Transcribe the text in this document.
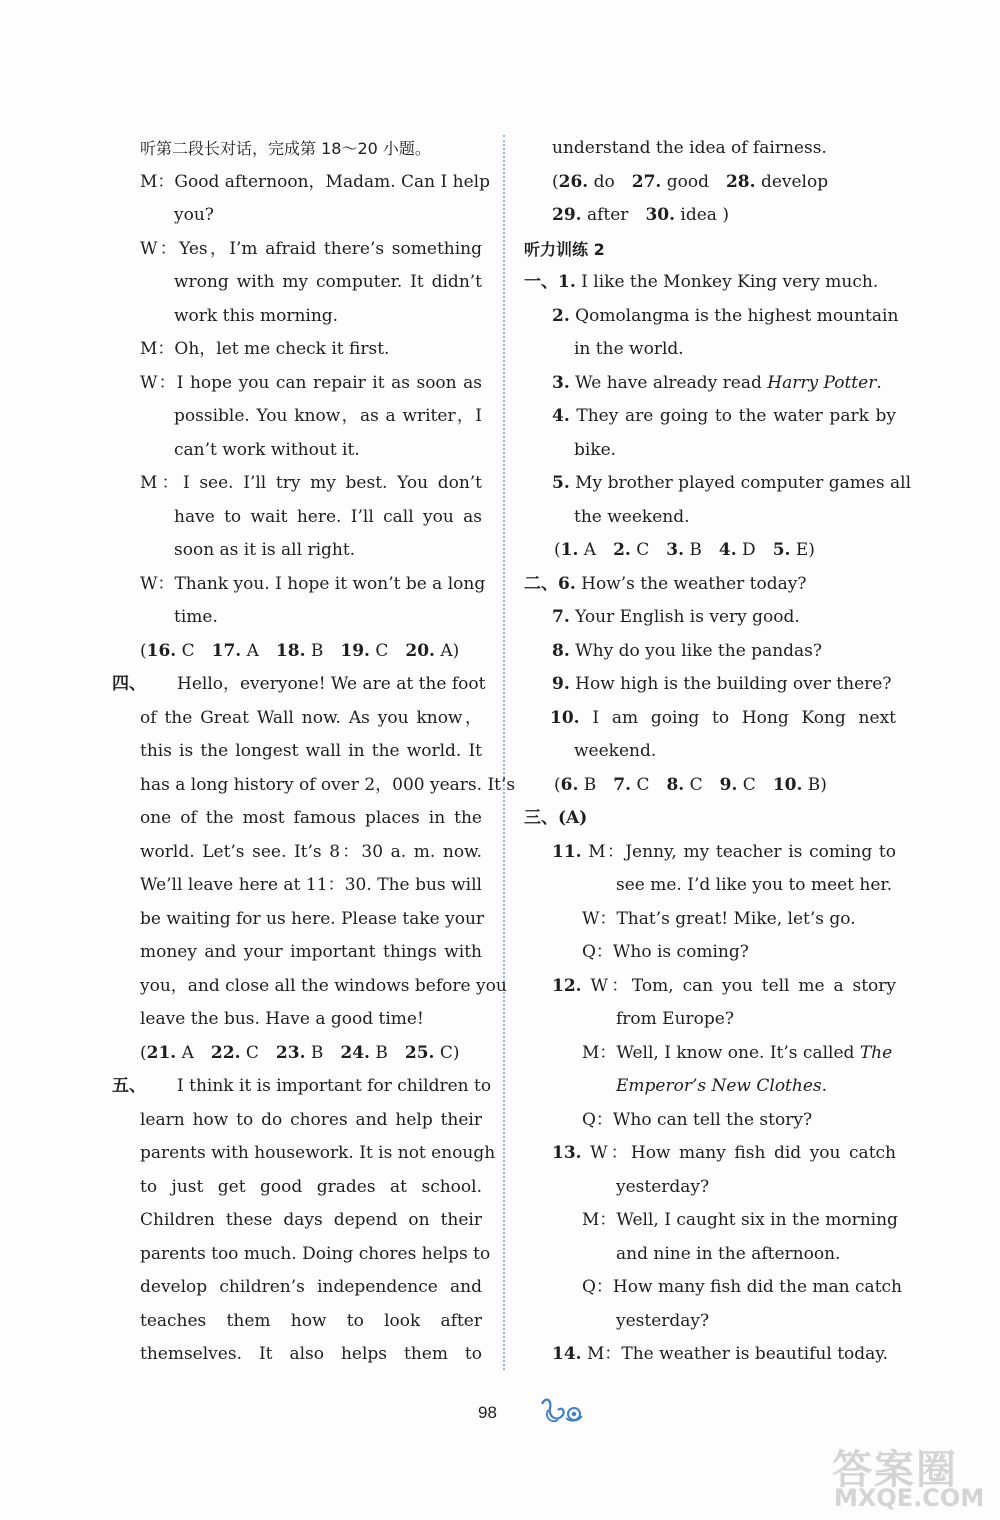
听第二段长对话，完成第 18～20 小题。
M：Good afternoon，Madam. Can I help
you?
W：Yes，I’m afraid there’s something
wrong with my computer. It didn’t
work this morning.
M：Oh，let me check it first.
W：I hope you can repair it as soon as
possible. You know，as a writer，I
can’t work without it.
M：I see. I’ll try my best. You don’t
have to wait here. I’ll call you as
soon as it is all right.
W：Thank you. I hope it won’t be a long
time.
(16. C　17. A　18. B　19. C　20. A)
四、	Hello，everyone! We are at the foot
of the Great Wall now. As you know，
this is the longest wall in the world. It
has a long history of over 2，000 years. It’s
one of the most famous places in the
world. Let’s see. It’s 8：30 a. m. now.
We’ll leave here at 11：30. The bus will
be waiting for us here. Please take your
money and your important things with
you，and close all the windows before you
leave the bus. Have a good time!
(21. A　22. C　23. B　24. B　25. C)
五、	I think it is important for children to
learn how to do chores and help their
parents with housework. It is not enough
to just get good grades at school.
Children these days depend on their
parents too much. Doing chores helps to
develop children’s independence and
teaches them how to look after
themselves. It also helps them to
understand the idea of fairness.
(26. do　27. good　28. develop
29. after　30. idea )
听力训练 2
一、1. I like the Monkey King very much.
2. Qomolangma is the highest mountain
in the world.
3. We have already read Harry Potter.
4. They are going to the water park by
bike.
5. My brother played computer games all
the weekend.
(1. A　2. C　3. B　4. D　5. E)
二、6. How’s the weather today?
7. Your English is very good.
8. Why do you like the pandas?
9. How high is the building over there?
10. I am going to Hong Kong next
weekend.
(6. B　7. C　8. C　9. C　10. B)
三、(A)
11. M：Jenny, my teacher is coming to
see me. I’d like you to meet her.
W：That’s great! Mike, let’s go.
Q：Who is coming?
12. W：Tom, can you tell me a story
from Europe?
M：Well, I know one. It’s called The
Emperor’s New Clothes.
Q：Who can tell the story?
13. W：How many fish did you catch
yesterday?
M：Well, I caught six in the morning
and nine in the afternoon.
Q：How many fish did the man catch
yesterday?
14. M：The weather is beautiful today.
98
答案圈
MXQE.COM
